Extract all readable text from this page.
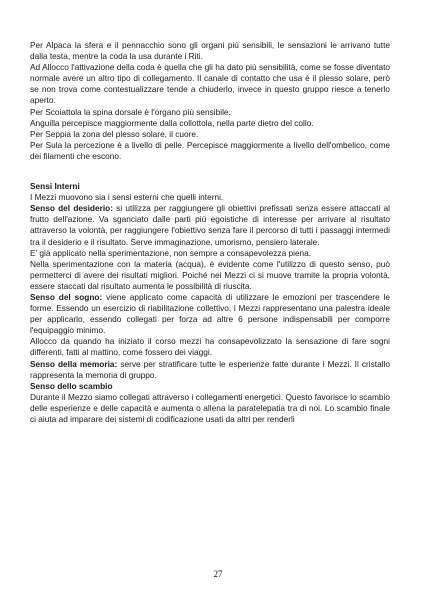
Per Alpaca la sfera e il pennacchio sono gli organi più sensibili, le sensazioni le arrivano tutte dalla testa, mentre la coda la usa durante i Riti.

Ad Allocco l'attivazione della coda è quella che gli ha dato più sensibilità, come se fosse diventato normale avere un altro tipo di collegamento. Il canale di contatto che usa è il plesso solare, però se non trova come contestualizzare tende a chiuderlo, invece in questo gruppo riesce a tenerlo aperto.

Per Scoiattola la spina dorsale è l'organo più sensibile.

Anguilla percepisce maggiormente dalla collottola, nella parte dietro del collo.

Per Seppia la zona del plesso solare, il cuore.

Per Sula la percezione è a livello di pelle. Percepisce maggiormente a livello dell'ombelico, come dei filamenti che escono.

Sensi Interni

I Mezzi muovono sia i sensi esterni che quelli interni.

Senso del desiderio: si utilizza per raggiungere gli obiettivi prefissati senza essere attaccati al frutto dell'azione. Va sganciato dalle parti più egoistiche di interesse per arrivare al risultato attraverso la volontà, per raggiungere l'obiettivo senza fare il percorso di tutti i passaggi intermedi tra il desiderio e il risultato. Serve immaginazione, umorismo, pensiero laterale.

E' già applicato nella sperimentazione, non sempre a consapevolezza piena.

Nella sperimentazione con la materia (acqua), è evidente come l'utilizzo di questo senso, può permetterci di avere dei risultati migliori. Poiché nei Mezzi ci si muove tramite la propria volontà, essere staccati dal risultato aumenta le possibilità di riuscita.

Senso del sogno: viene applicato come capacità di utilizzare le emozioni per trascendere le forme. Essendo un esercizio di riabilitazione collettivo, i Mezzi rappresentano una palestra ideale per applicarlo, essendo collegati per forza ad altre 6 persone indispensabili per comporre l'equipaggio minimo.

Allocco da quando ha iniziato il corso mezzi ha consapevolizzato la sensazione di fare sogni differenti, fatti al mattino, come fossero dei viaggi.

Senso della memoria: serve per stratificare tutte le esperienze fatte durante i Mezzi. Il cristallo rappresenta la memoria di gruppo.

Senso dello scambio

Durante il Mezzo siamo collegati attraverso i collegamenti energetici. Questo favorisce lo scambio delle esperienze e delle capacità e aumenta o allena la paratelepatia tra di noi. Lo scambio finale ci aiuta ad imparare dei sistemi di codificazione usati da altri per renderli

27
